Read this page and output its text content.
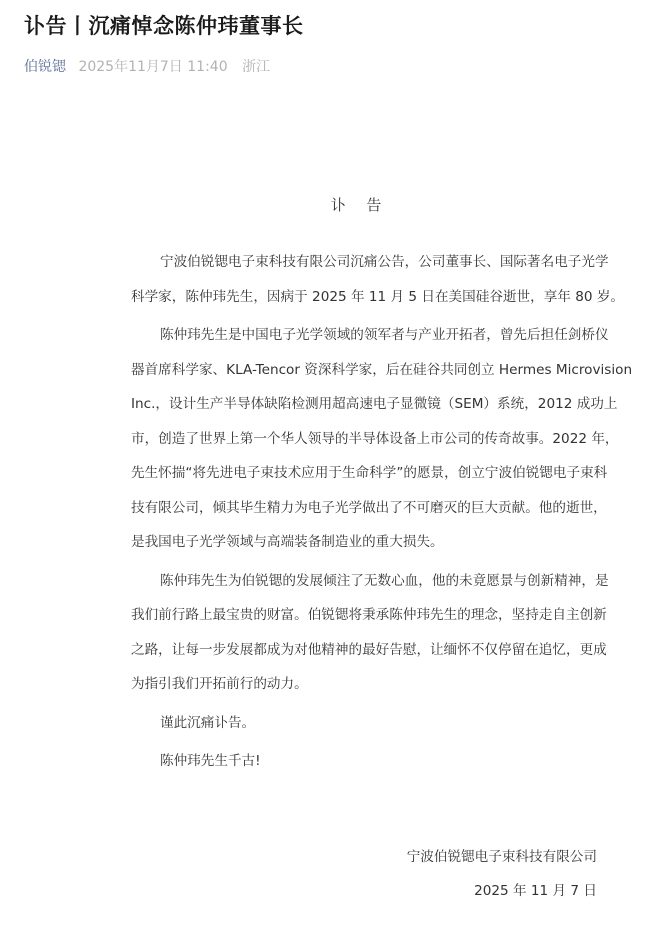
讣告丨沉痛悼念陈仲玮董事长
伯锐锶 2025年11月7日 11:40 浙江
讣 告
宁波伯锐锶电子束科技有限公司沉痛公告，公司董事长、国际著名电子光学
科学家，陈仲玮先生，因病于 2025 年 11 月 5 日在美国硅谷逝世，享年 80 岁。
陈仲玮先生是中国电子光学领域的领军者与产业开拓者，曾先后担任剑桥仪
器首席科学家、KLA-Tencor 资深科学家，后在硅谷共同创立 Hermes Microvision
Inc.，设计生产半导体缺陷检测用超高速电子显微镜（SEM）系统，2012 成功上
市，创造了世界上第一个华人领导的半导体设备上市公司的传奇故事。2022 年，
先生怀揣“将先进电子束技术应用于生命科学”的愿景，创立宁波伯锐锶电子束科
技有限公司，倾其毕生精力为电子光学做出了不可磨灭的巨大贡献。他的逝世，
是我国电子光学领域与高端装备制造业的重大损失。
陈仲玮先生为伯锐锶的发展倾注了无数心血，他的未竟愿景与创新精神，是
我们前行路上最宝贵的财富。伯锐锶将秉承陈仲玮先生的理念，坚持走自主创新
之路，让每一步发展都成为对他精神的最好告慰，让缅怀不仅停留在追忆，更成
为指引我们开拓前行的动力。
谨此沉痛讣告。
陈仲玮先生千古!
宁波伯锐锶电子束科技有限公司
2025 年 11 月 7 日
